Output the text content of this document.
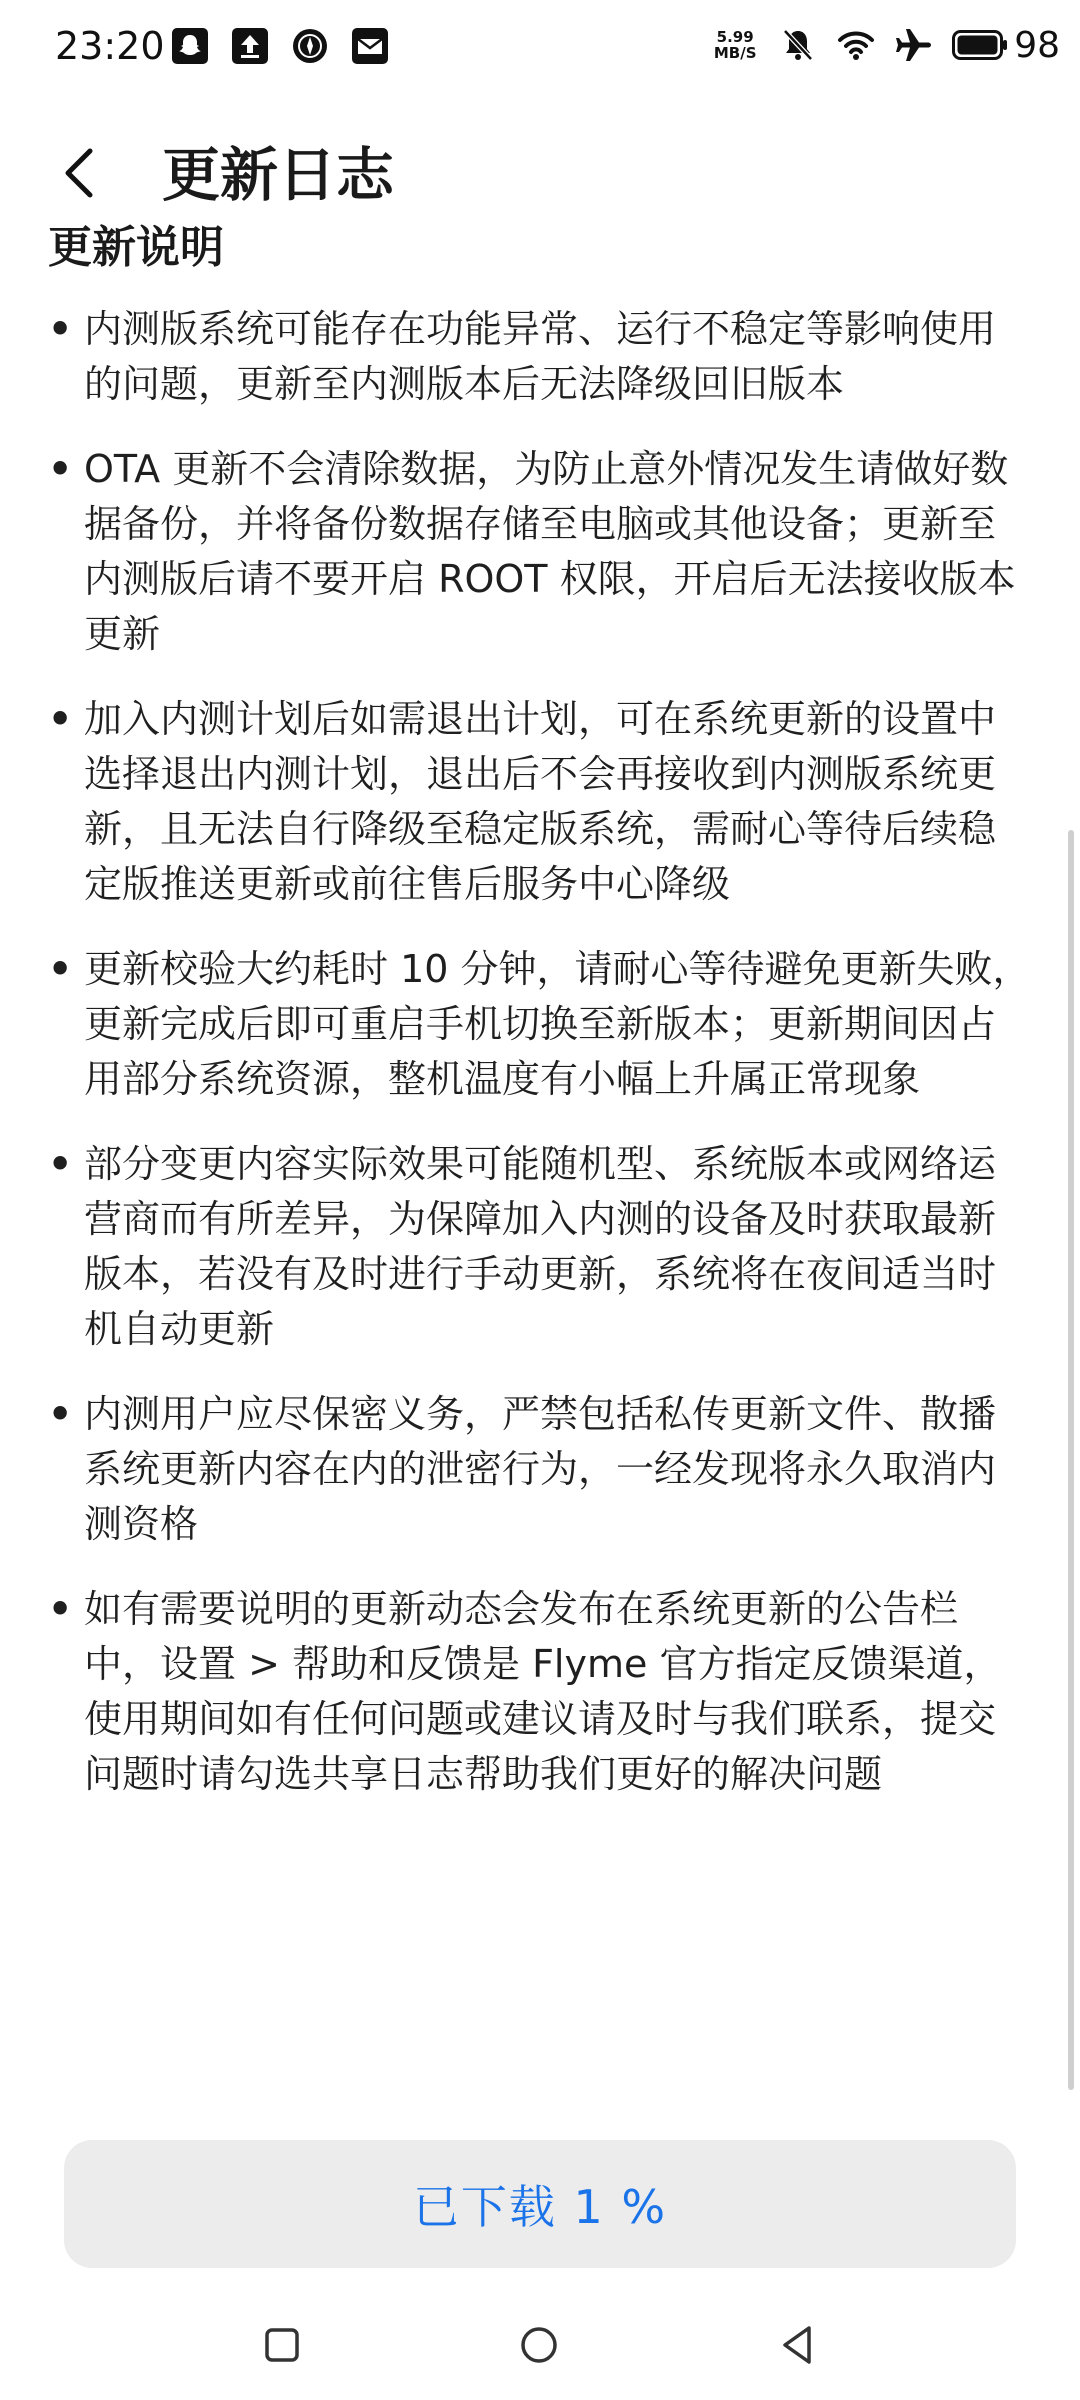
23:20	5.99
MB/S	98
更新日志
更新说明
• 内测版系统可能存在功能异常、运行不稳定等影响使用的问题，更新至内测版本后无法降级回旧版本
• OTA 更新不会清除数据，为防止意外情况发生请做好数据备份，并将备份数据存储至电脑或其他设备；更新至内测版后请不要开启 ROOT 权限，开启后无法接收版本更新
• 加入内测计划后如需退出计划，可在系统更新的设置中选择退出内测计划，退出后不会再接收到内测版系统更新，且无法自行降级至稳定版系统，需耐心等待后续稳定版推送更新或前往售后服务中心降级
• 更新校验大约耗时 10 分钟，请耐心等待避免更新失败，更新完成后即可重启手机切换至新版本；更新期间因占用部分系统资源，整机温度有小幅上升属正常现象
• 部分变更内容实际效果可能随机型、系统版本或网络运营商而有所差异，为保障加入内测的设备及时获取最新版本，若没有及时进行手动更新，系统将在夜间适当时机自动更新
• 内测用户应尽保密义务，严禁包括私传更新文件、散播系统更新内容在内的泄密行为，一经发现将永久取消内测资格
• 如有需要说明的更新动态会发布在系统更新的公告栏中，设置 > 帮助和反馈是 Flyme 官方指定反馈渠道，使用期间如有任何问题或建议请及时与我们联系，提交问题时请勾选共享日志帮助我们更好的解决问题
已下载 1 %
